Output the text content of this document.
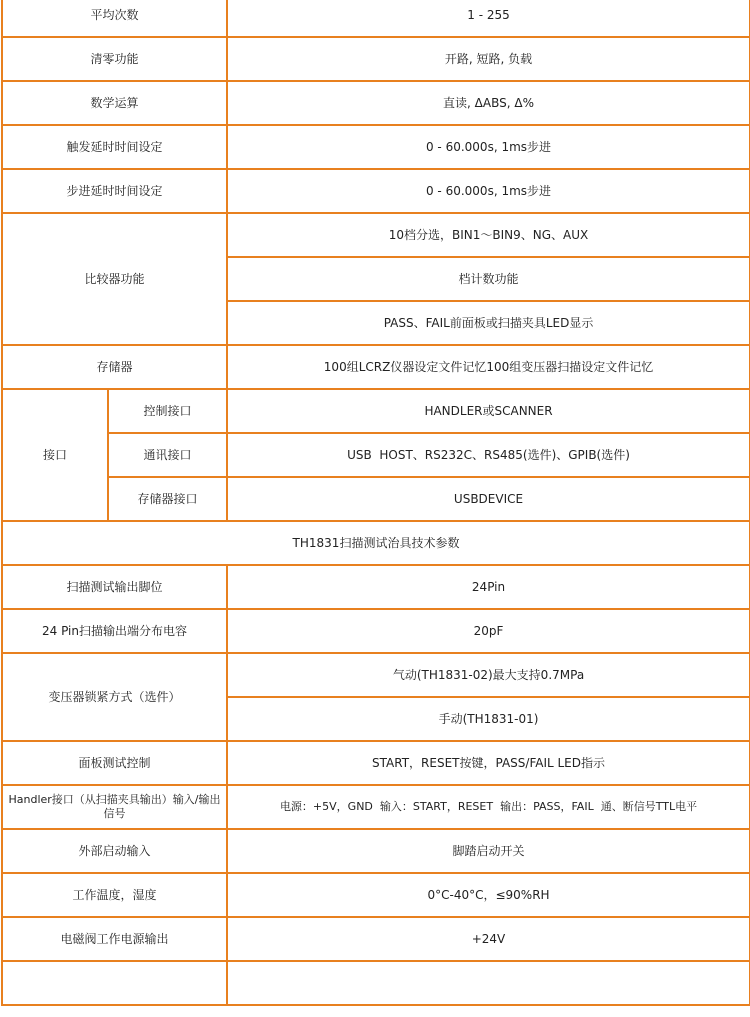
平均次数		1 - 255
清零功能		开路, 短路, 负载
数学运算		直读, ΔABS, Δ%
触发延时时间设定		0 - 60.000s, 1ms步进
步进延时时间设定		0 - 60.000s, 1ms步进
比较器功能		10档分选，BIN1～BIN9、NG、AUX
		档计数功能
		PASS、FAIL前面板或扫描夹具LED显示
存储器		100组LCRZ仪器设定文件记忆100组变压器扫描设定文件记忆
接口	控制接口	HANDLER或SCANNER
	通讯接口	USB  HOST、RS232C、RS485(选件)、GPIB(选件)
	存储器接口	USBDEVICE
TH1831扫描测试治具技术参数		
扫描测试输出脚位		24Pin
24 Pin扫描输出端分布电容		20pF
变压器锁紧方式（选件）		气动(TH1831-02)最大支持0.7MPa
		手动(TH1831-01)
面板测试控制		START，RESET按键，PASS/FAIL LED指示
Handler接口（从扫描夹具输出）输入/输出信号		电源：+5V，GND  输入：START，RESET  输出：PASS，FAIL  通、断信号TTL电平
外部启动输入		脚踏启动开关
工作温度，湿度		0°C-40°C，≤90%RH
电磁阀工作电源输出		+24V
